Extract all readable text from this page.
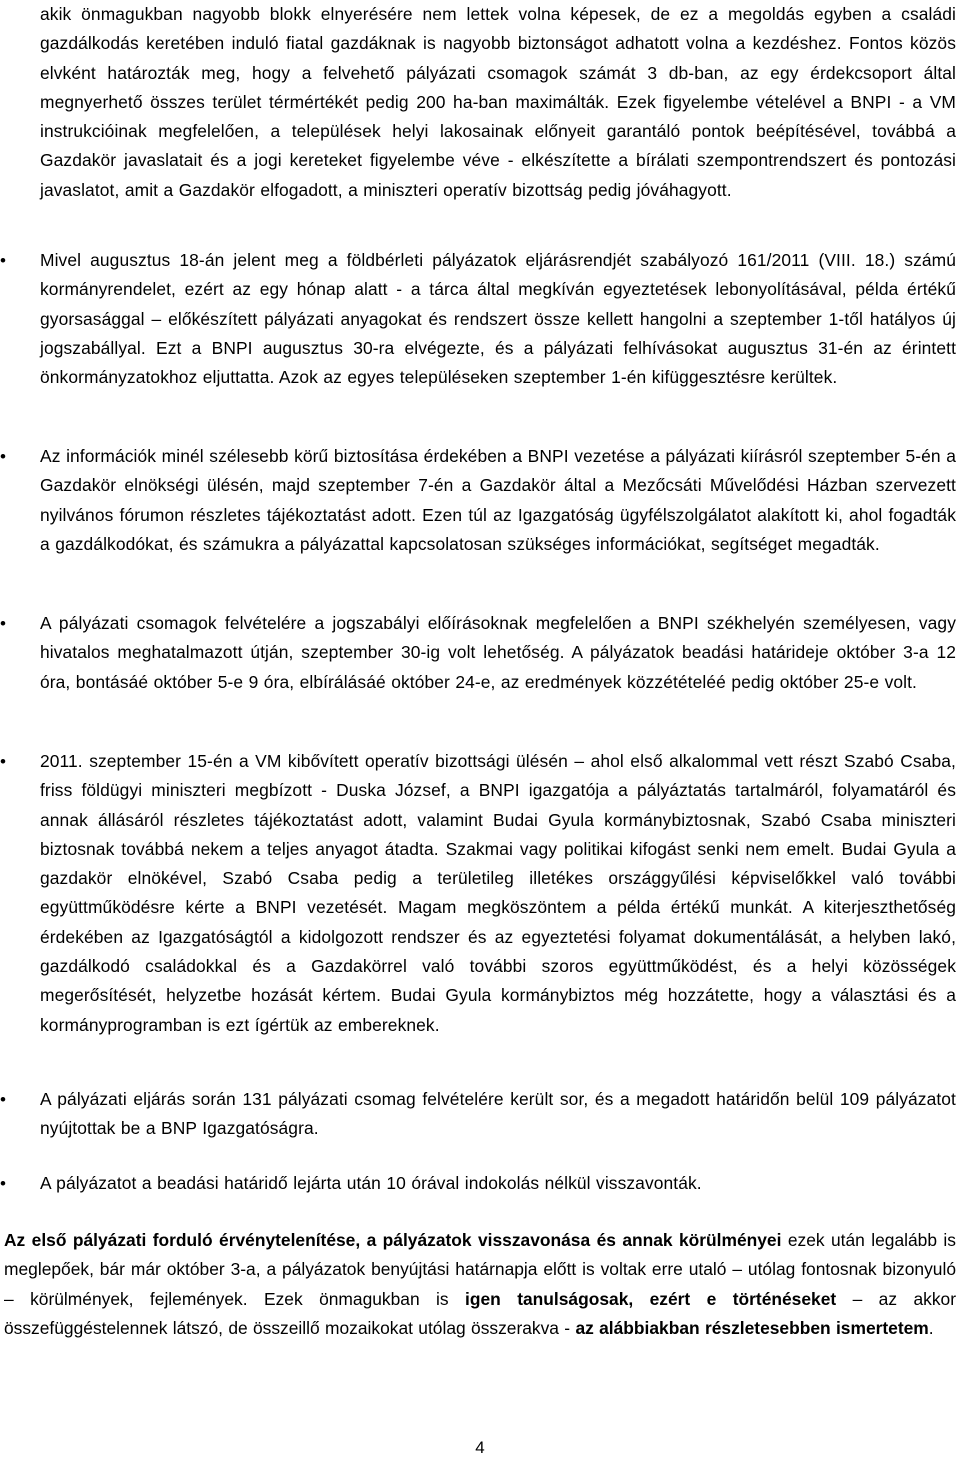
akik önmagukban nagyobb blokk elnyerésére nem lettek volna képesek, de ez a megoldás egyben a családi gazdálkodás keretében induló fiatal gazdáknak is nagyobb biztonságot adhatott volna a kezdéshez. Fontos közös elvként határozták meg, hogy a felvehető pályázati csomagok számát 3 db-ban, az egy érdekcsoport által megnyerhető összes terület térmértékét pedig 200 ha-ban maximálták. Ezek figyelembe vételével a BNPI - a VM instrukcióinak megfelelően, a települések helyi lakosainak előnyeit garantáló pontok beépítésével, továbbá a Gazdakör javaslatait és a jogi kereteket figyelembe véve - elkészítette a bírálati szempontrendszert és pontozási javaslatot, amit a Gazdakör elfogadott, a miniszteri operatív bizottság pedig jóváhagyott.
•	Mivel augusztus 18-án jelent meg a földbérleti pályázatok eljárásrendjét szabályozó 161/2011 (VIII. 18.) számú kormányrendelet, ezért az egy hónap alatt - a tárca által megkíván egyeztetések lebonyolításával, példa értékű gyorsasággal – előkészített pályázati anyagokat és rendszert össze kellett hangolni a szeptember 1-től hatályos új jogszabállyal. Ezt a BNPI augusztus 30-ra elvégezte, és a pályázati felhívásokat augusztus 31-én az érintett önkormányzatokhoz eljuttatta. Azok az egyes településeken szeptember 1-én kifüggesztésre kerültek.
•	Az információk minél szélesebb körű biztosítása érdekében a BNPI vezetése a pályázati kiírásról szeptember 5-én a Gazdakör elnökségi ülésén, majd szeptember 7-én a Gazdakör által a Mezőcsáti Művelődési Házban szervezett nyilvános fórumon részletes tájékoztatást adott. Ezen túl az Igazgatóság ügyfélszolgálatot alakított ki, ahol fogadták a gazdálkodókat, és számukra a pályázattal kapcsolatosan szükséges információkat, segítséget megadták.
•	A pályázati csomagok felvételére a jogszabályi előírásoknak megfelelően a BNPI székhelyén személyesen, vagy hivatalos meghatalmazott útján, szeptember 30-ig volt lehetőség. A pályázatok beadási határideje október 3-a 12 óra, bontásáé október 5-e 9 óra, elbírálásáé október 24-e, az eredmények közzétételéé pedig október 25-e volt.
•	2011. szeptember 15-én a VM kibővített operatív bizottsági ülésén – ahol első alkalommal vett részt Szabó Csaba, friss földügyi miniszteri megbízott - Duska József, a BNPI igazgatója a pályáztatás tartalmáról, folyamatáról és annak állásáról részletes tájékoztatást adott, valamint Budai Gyula kormánybiztosnak, Szabó Csaba miniszteri biztosnak továbbá nekem a teljes anyagot átadta. Szakmai vagy politikai kifogást senki nem emelt. Budai Gyula a gazdakör elnökével, Szabó Csaba pedig a területileg illetékes országgyűlési képviselőkkel való további együttműködésre kérte a BNPI vezetését. Magam megköszöntem a példa értékű munkát. A kiterjeszthetőség érdekében az Igazgatóságtól a kidolgozott rendszer és az egyeztetési folyamat dokumentálását, a helyben lakó, gazdálkodó családokkal és a Gazdakörrel való további szoros együttműködést, és a helyi közösségek megerősítését, helyzetbe hozását kértem. Budai Gyula kormánybiztos még hozzátette, hogy a választási és a kormányprogramban is ezt ígértük az embereknek.
•	A pályázati eljárás során 131 pályázati csomag felvételére került sor, és a megadott határidőn belül 109 pályázatot nyújtottak be a BNP Igazgatóságra.
•	A pályázatot a beadási határidő lejárta után 10 órával indokolás nélkül visszavonták.
Az első pályázati forduló érvénytelenítése, a pályázatok visszavonása és annak körülményei ezek után legalább is meglepőek, bár már október 3-a, a pályázatok benyújtási határnapja előtt is voltak erre utaló – utólag fontosnak bizonyuló – körülmények, fejlemények. Ezek önmagukban is igen tanulságosak, ezért e történéseket – az akkor összefüggéstelennek látszó, de összeillő mozaikokat utólag összerakva - az alábbiakban részletesebben ismertetem.
4
